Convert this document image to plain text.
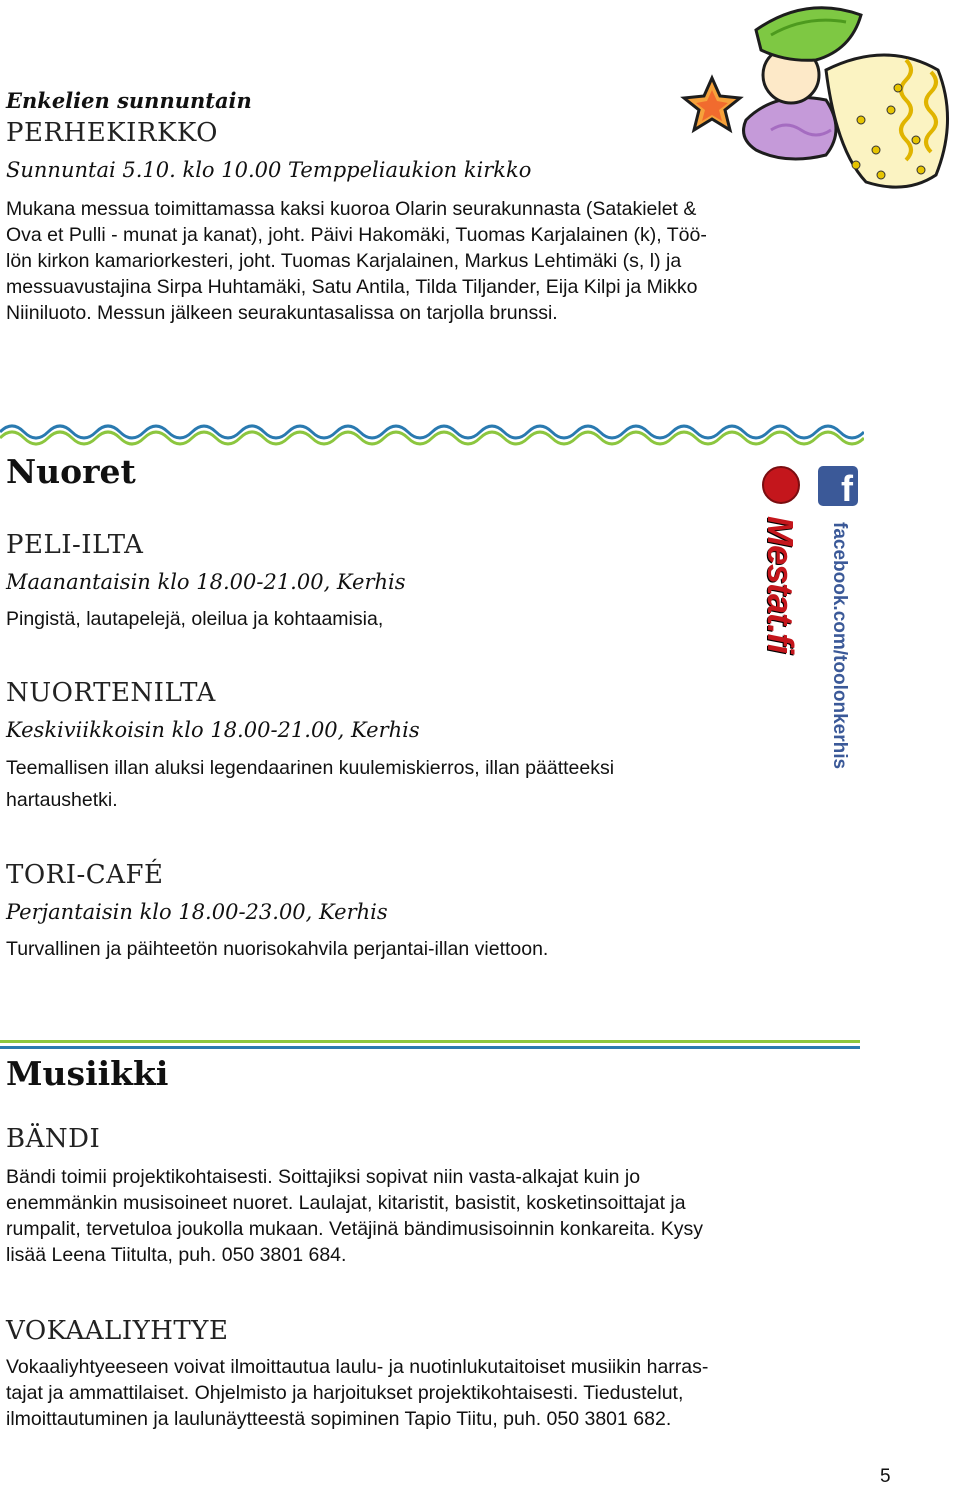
Enkelien sunnuntain
PERHEKIRKKO
Sunnuntai 5.10. klo 10.00 Temppeliaukion kirkko
Mukana messua toimittamassa kaksi kuoroa Olarin seurakunnasta (Satakielet &
Ova et Pulli - munat ja kanat), joht. Päivi Hakomäki, Tuomas Karjalainen (k), Töö-
lön kirkon kamariorkesteri, joht. Tuomas Karjalainen, Markus Lehtimäki (s, l) ja
messuavustajina Sirpa Huhtamäki, Satu Antila, Tilda Tiljander, Eija Kilpi ja Mikko
Niiniluoto. Messun jälkeen seurakuntasalissa on tarjolla brunssi.
Nuoret
PELI-ILTA
Maanantaisin klo 18.00-21.00, Kerhis
Pingistä, lautapelejä, oleilua ja kohtaamisia,
NUORTENILTA
Keskiviikkoisin klo 18.00-21.00, Kerhis
Teemallisen illan aluksi legendaarinen kuulemiskierros, illan päätteeksi
hartaushetki.
TORI-CAFÉ
Perjantaisin klo 18.00-23.00, Kerhis
Turvallinen ja päihteetön nuorisokahvila perjantai-illan viettoon.
Mestat.fi
f
facebook.com/toolonkerhis
Musiikki
BÄNDI
Bändi toimii projektikohtaisesti. Soittajiksi sopivat niin vasta-alkajat kuin jo
enemmänkin musisoineet nuoret. Laulajat, kitaristit, basistit, kosketinsoittajat ja
rumpalit, tervetuloa joukolla mukaan. Vetäjinä bändimusisoinnin konkareita. Kysy
lisää Leena Tiitulta, puh. 050 3801 684.
VOKAALIYHTYE
Vokaaliyhtyeeseen voivat ilmoittautua laulu- ja nuotinlukutaitoiset musiikin harras-
tajat ja ammattilaiset. Ohjelmisto ja harjoitukset projektikohtaisesti. Tiedustelut,
ilmoittautuminen ja laulunäytteestä sopiminen Tapio Tiitu, puh. 050 3801 682.
5
